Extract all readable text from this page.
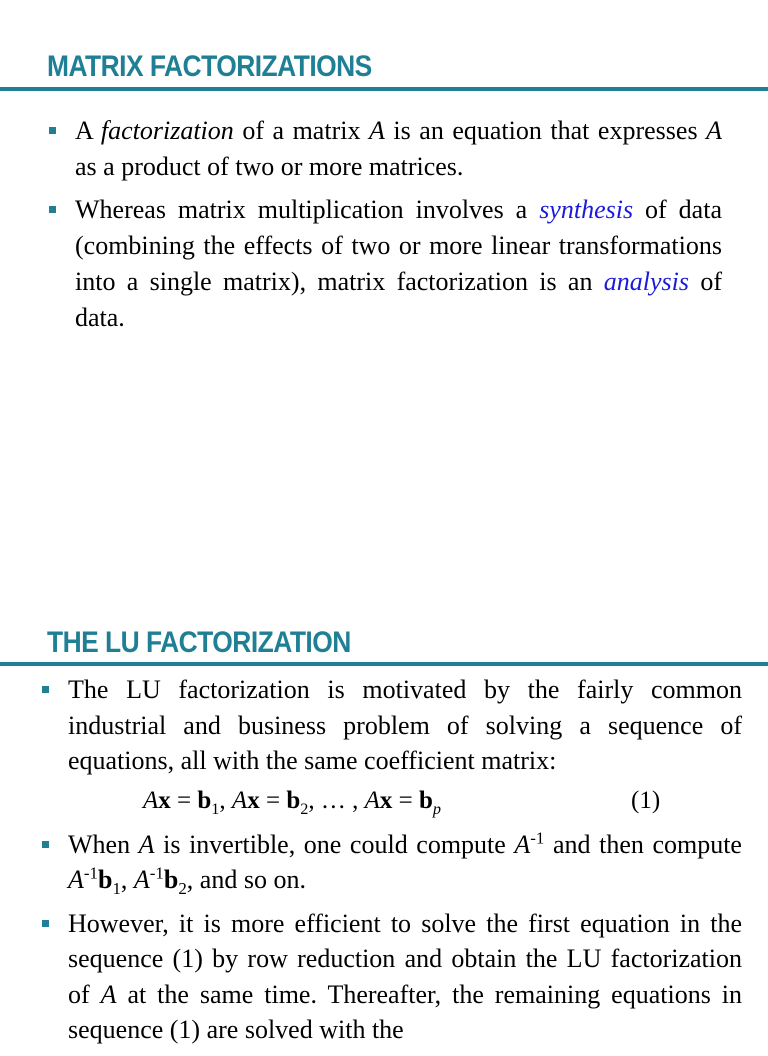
MATRIX FACTORIZATIONS
A factorization of a matrix A is an equation that expresses A as a product of two or more matrices.
Whereas matrix multiplication involves a synthesis of data (combining the effects of two or more linear transformations into a single matrix), matrix factorization is an analysis of data.
THE LU FACTORIZATION
The LU factorization is motivated by the fairly common industrial and business problem of solving a sequence of equations, all with the same coefficient matrix:
$Ax = b_1$, $Ax = b_2$, … , $Ax = b_p$	(1)
When A is invertible, one could compute $A^{-1}$ and then compute $A^{-1}b_1$, $A^{-1}b_2$, and so on.
However, it is more efficient to solve the first equation in the sequence (1) by row reduction and obtain the LU factorization of A at the same time. Thereafter, the remaining equations in sequence (1) are solved with the
